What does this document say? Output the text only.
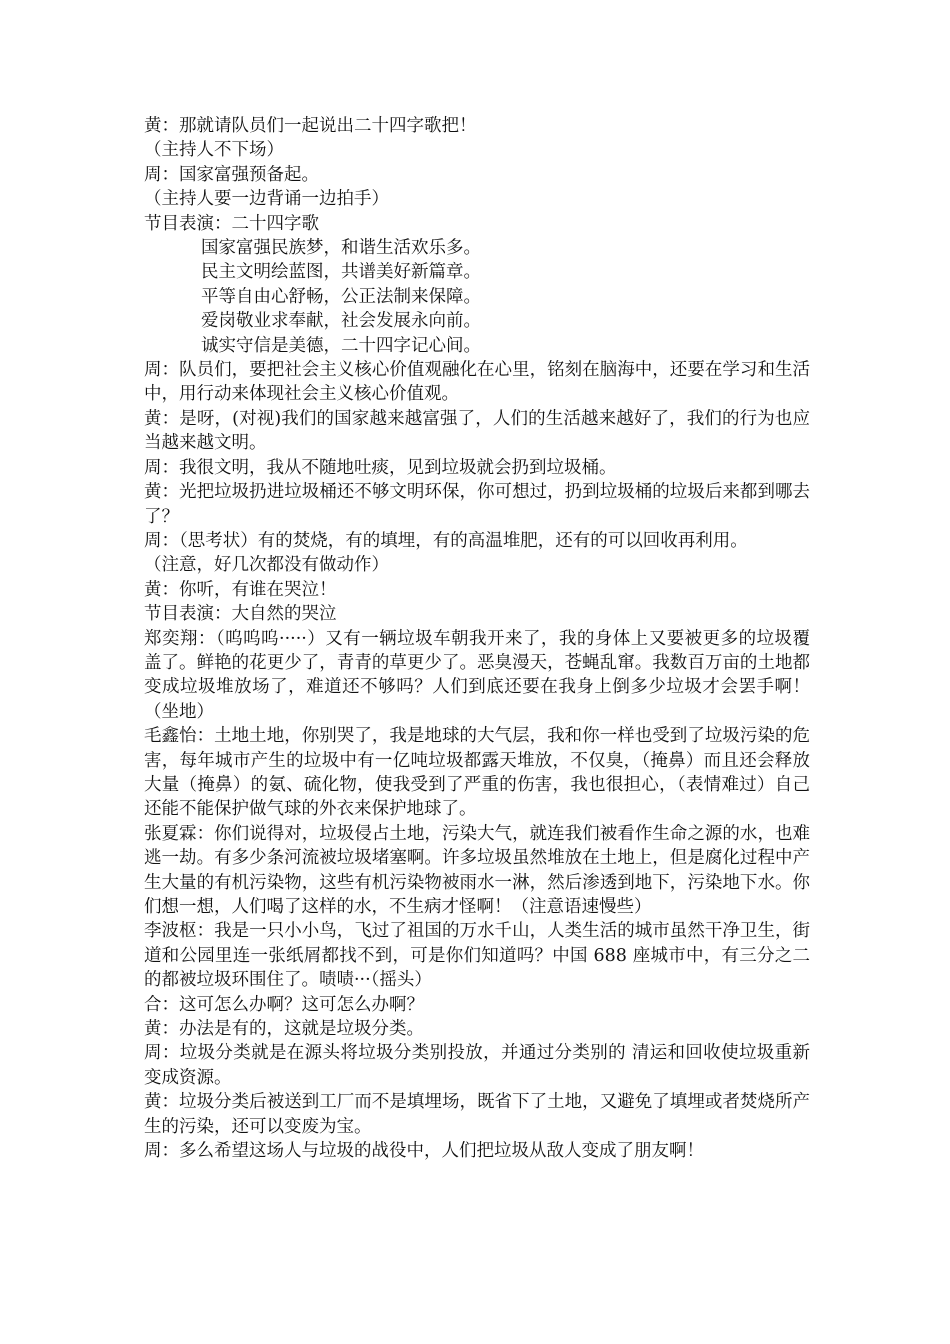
黄：那就请队员们一起说出二十四字歌把！

（主持人不下场）

周：国家富强预备起。

（主持人要一边背诵一边拍手）

节目表演：二十四字歌

国家富强民族梦，和谐生活欢乐多。

民主文明绘蓝图，共谱美好新篇章。

平等自由心舒畅，公正法制来保障。

爱岗敬业求奉献，社会发展永向前。

诚实守信是美德，二十四字记心间。

周：队员们，要把社会主义核心价值观融化在心里，铭刻在脑海中，还要在学习和生活中，用行动来体现社会主义核心价值观。

黄：是呀，(对视)我们的国家越来越富强了，人们的生活越来越好了，我们的行为也应当越来越文明。

周：我很文明，我从不随地吐痰，见到垃圾就会扔到垃圾桶。

黄：光把垃圾扔进垃圾桶还不够文明环保，你可想过，扔到垃圾桶的垃圾后来都到哪去了？

周：（思考状）有的焚烧，有的填埋，有的高温堆肥，还有的可以回收再利用。

（注意，好几次都没有做动作）

黄：你听，有谁在哭泣！

节目表演：大自然的哭泣

郑奕翔：（呜呜呜·····）又有一辆垃圾车朝我开来了，我的身体上又要被更多的垃圾覆盖了。鲜艳的花更少了，青青的草更少了。恶臭漫天，苍蝇乱窜。我数百万亩的土地都变成垃圾堆放场了，难道还不够吗？人们到底还要在我身上倒多少垃圾才会罢手啊！（坐地）

毛鑫怡：土地土地，你别哭了，我是地球的大气层，我和你一样也受到了垃圾污染的危害，每年城市产生的垃圾中有一亿吨垃圾都露天堆放，不仅臭，（掩鼻）而且还会释放大量（掩鼻）的氨、硫化物，使我受到了严重的伤害，我也很担心，（表情难过）自己还能不能保护做气球的外衣来保护地球了。

张夏霖：你们说得对，垃圾侵占土地，污染大气，就连我们被看作生命之源的水，也难逃一劫。有多少条河流被垃圾堵塞啊。许多垃圾虽然堆放在土地上，但是腐化过程中产生大量的有机污染物，这些有机污染物被雨水一淋，然后渗透到地下，污染地下水。你们想一想，人们喝了这样的水，不生病才怪啊！（注意语速慢些）

李波枢：我是一只小小鸟，飞过了祖国的万水千山，人类生活的城市虽然干净卫生，街道和公园里连一张纸屑都找不到，可是你们知道吗？中国 688 座城市中，有三分之二的都被垃圾环围住了。啧啧···（摇头）

合：这可怎么办啊？这可怎么办啊？

黄：办法是有的，这就是垃圾分类。

周：垃圾分类就是在源头将垃圾分类别投放，并通过分类别的 清运和回收使垃圾重新变成资源。

黄：垃圾分类后被送到工厂而不是填埋场，既省下了土地，又避免了填埋或者焚烧所产生的污染，还可以变废为宝。

周：多么希望这场人与垃圾的战役中，人们把垃圾从敌人变成了朋友啊！
